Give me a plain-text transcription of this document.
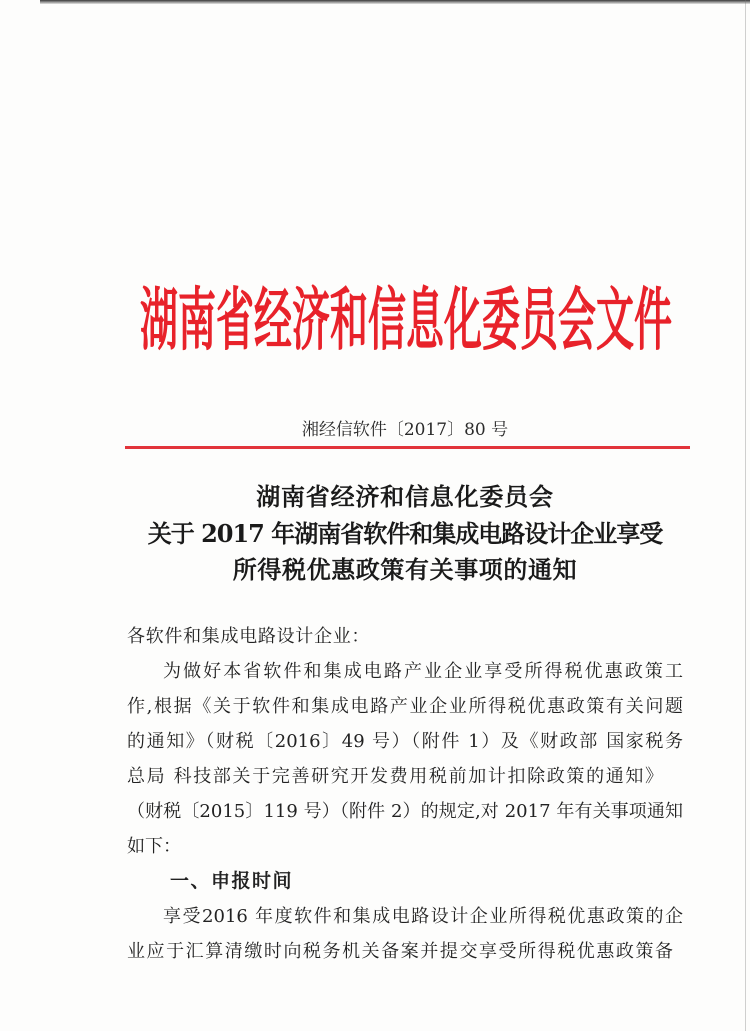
湖南省经济和信息化委员会文件
湘经信软件〔2017〕80 号
湖南省经济和信息化委员会
关于 2017 年湖南省软件和集成电路设计企业享受
所得税优惠政策有关事项的通知
各软件和集成电路设计企业：
为做好本省软件和集成电路产业企业享受所得税优惠政策工
作,根据《关于软件和集成电路产业企业所得税优惠政策有关问题
的通知》（财税〔2016〕49 号）（附件 1）及《财政部 国家税务
总局 科技部关于完善研究开发费用税前加计扣除政策的通知》
（财税〔2015〕119 号）（附件 2）的规定,对 2017 年有关事项通知
如下：
一、申报时间
享受2016 年度软件和集成电路设计企业所得税优惠政策的企
业应于汇算清缴时向税务机关备案并提交享受所得税优惠政策备
